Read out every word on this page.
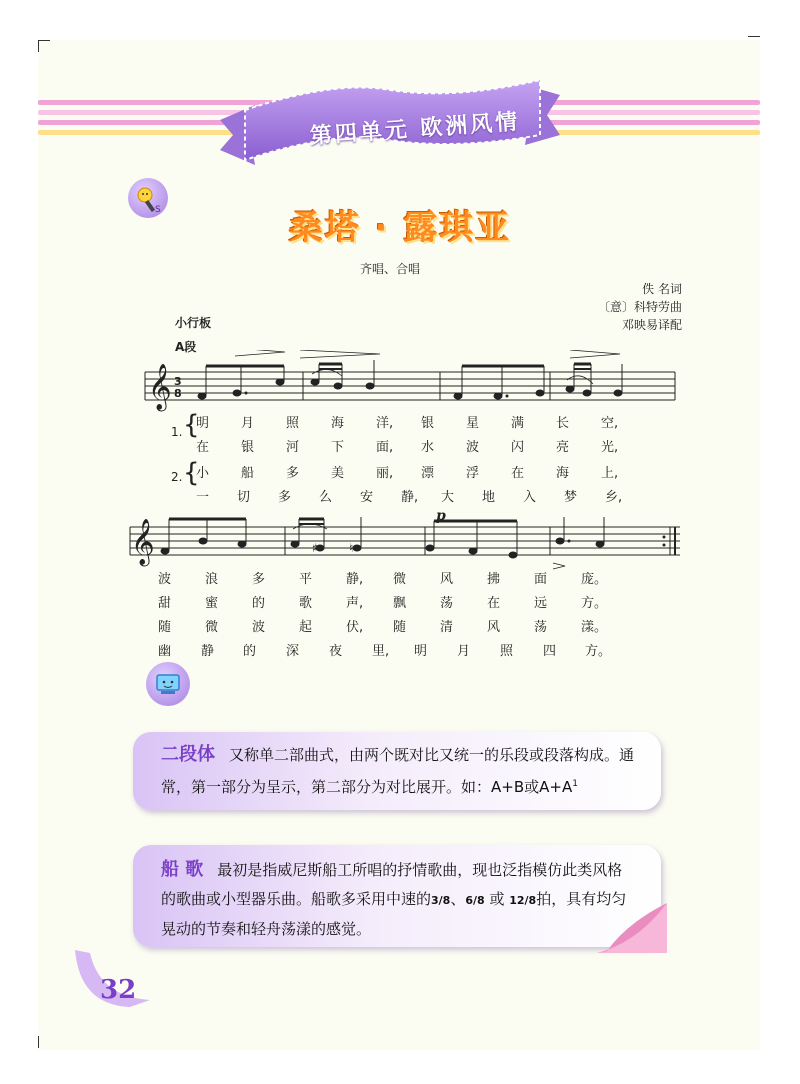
第四单元 欧洲风情
S	桑塔 · 露琪亚
齐唱、合唱
佚 名词
〔意〕科特劳曲
邓映易译配
小行板
A段
𝄞 3
8
1.
2.
{
{
明 月 照 海 洋, 银 星 满 长 空,
在 银 河 下 面, 水 波 闪 亮 光,
小 船 多 美 丽, 漂 浮 在 海 上,
一 切 多 么 安 静, 大 地 入 梦 乡,
𝄞
p
♯	♮
波	浪	多	平	静, 微	风	拂	面	庞。
甜	蜜	的	歌	声, 飘	荡	在	远	方。
随	微	波	起	伏, 随	清	风	荡	漾。
幽 静 的 深 夜 里, 明 月 照 四 方。
二段体 又称单二部曲式，由两个既对比又统一的乐段或段落构成。通常，第一部分为呈示，第二部分为对比展开。如：A+B或$A+A^1$
船 歌 最初是指威尼斯船工所唱的抒情歌曲，现也泛指模仿此类风格的歌曲或小型器乐曲。船歌多采用中速的3/8、6/8 或 12/8拍，具有均匀晃动的节奏和轻舟荡漾的感觉。
32
